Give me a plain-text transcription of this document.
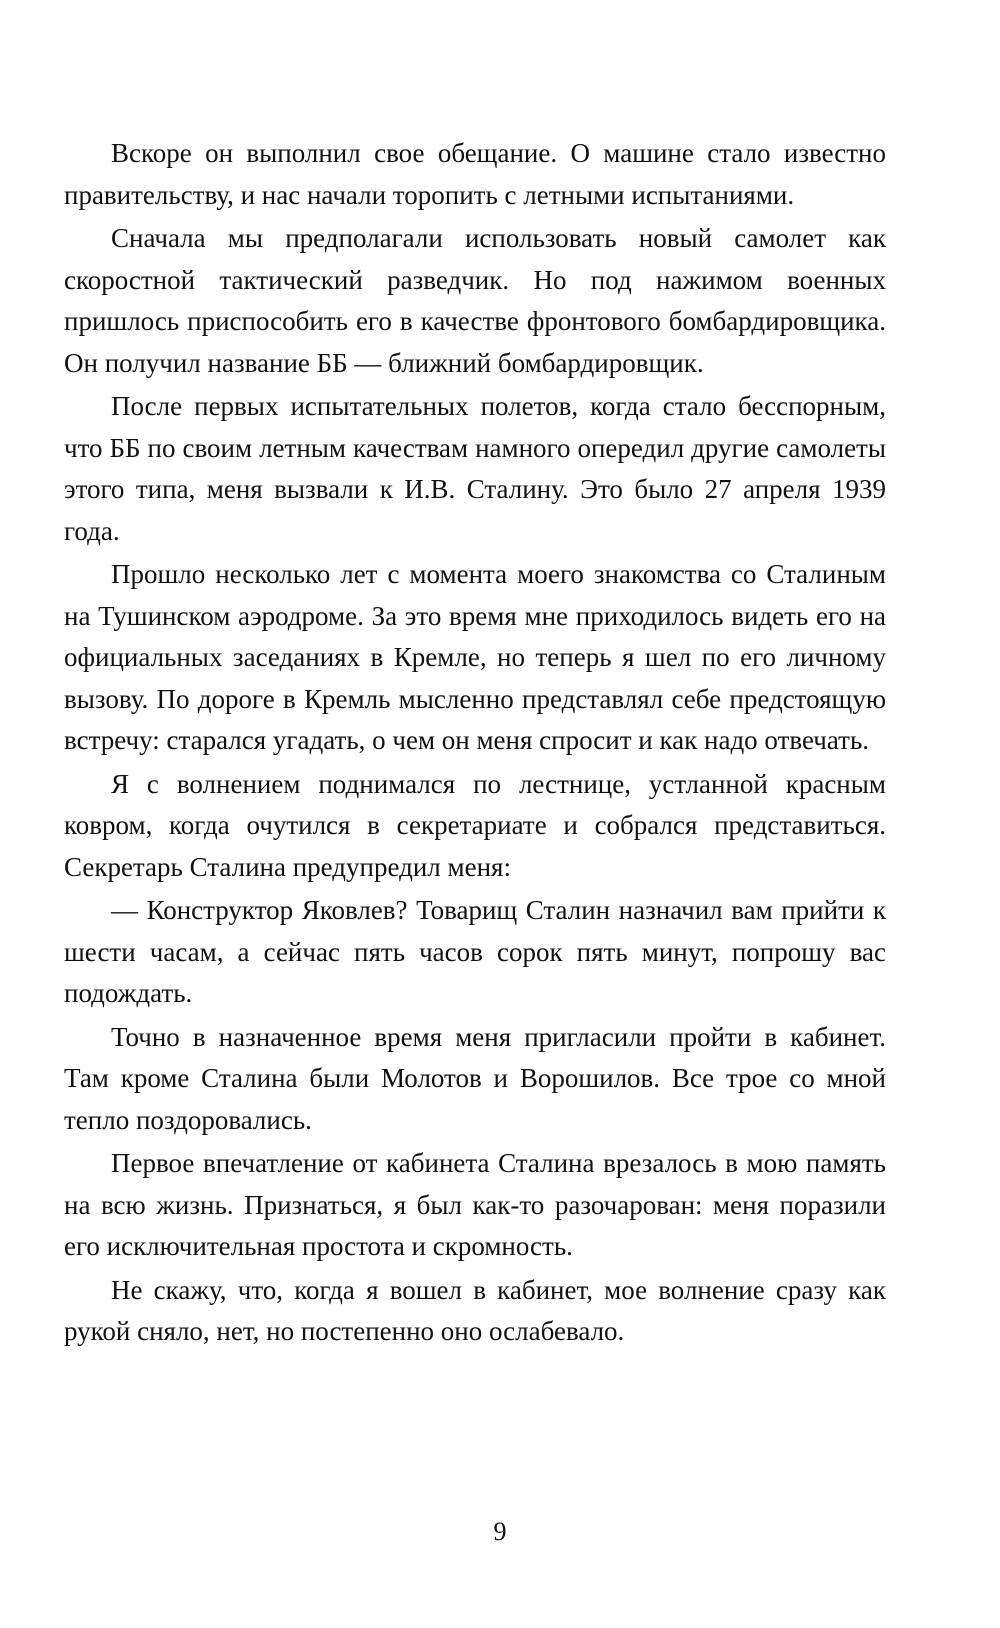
Вскоре он выполнил свое обещание. О машине стало известно правительству, и нас начали торопить с летными испытаниями.

Сначала мы предполагали использовать новый самолет как скоростной тактический разведчик. Но под нажимом военных пришлось приспособить его в качестве фронтового бомбардировщика. Он получил название ББ — ближний бомбардировщик.

После первых испытательных полетов, когда стало бесспорным, что ББ по своим летным качествам намного опередил другие самолеты этого типа, меня вызвали к И.В. Сталину. Это было 27 апреля 1939 года.

Прошло несколько лет с момента моего знакомства со Сталиным на Тушинском аэродроме. За это время мне приходилось видеть его на официальных заседаниях в Кремле, но теперь я шел по его личному вызову. По дороге в Кремль мысленно представлял себе предстоящую встречу: старался угадать, о чем он меня спросит и как надо отвечать.

Я с волнением поднимался по лестнице, устланной красным ковром, когда очутился в секретариате и собрался представиться. Секретарь Сталина предупредил меня:

— Конструктор Яковлев? Товарищ Сталин назначил вам прийти к шести часам, а сейчас пять часов сорок пять минут, попрошу вас подождать.

Точно в назначенное время меня пригласили пройти в кабинет. Там кроме Сталина были Молотов и Ворошилов. Все трое со мной тепло поздоровались.

Первое впечатление от кабинета Сталина врезалось в мою память на всю жизнь. Признаться, я был как-то разочарован: меня поразили его исключительная простота и скромность.

Не скажу, что, когда я вошел в кабинет, мое волнение сразу как рукой сняло, нет, но постепенно оно ослабевало.

9
